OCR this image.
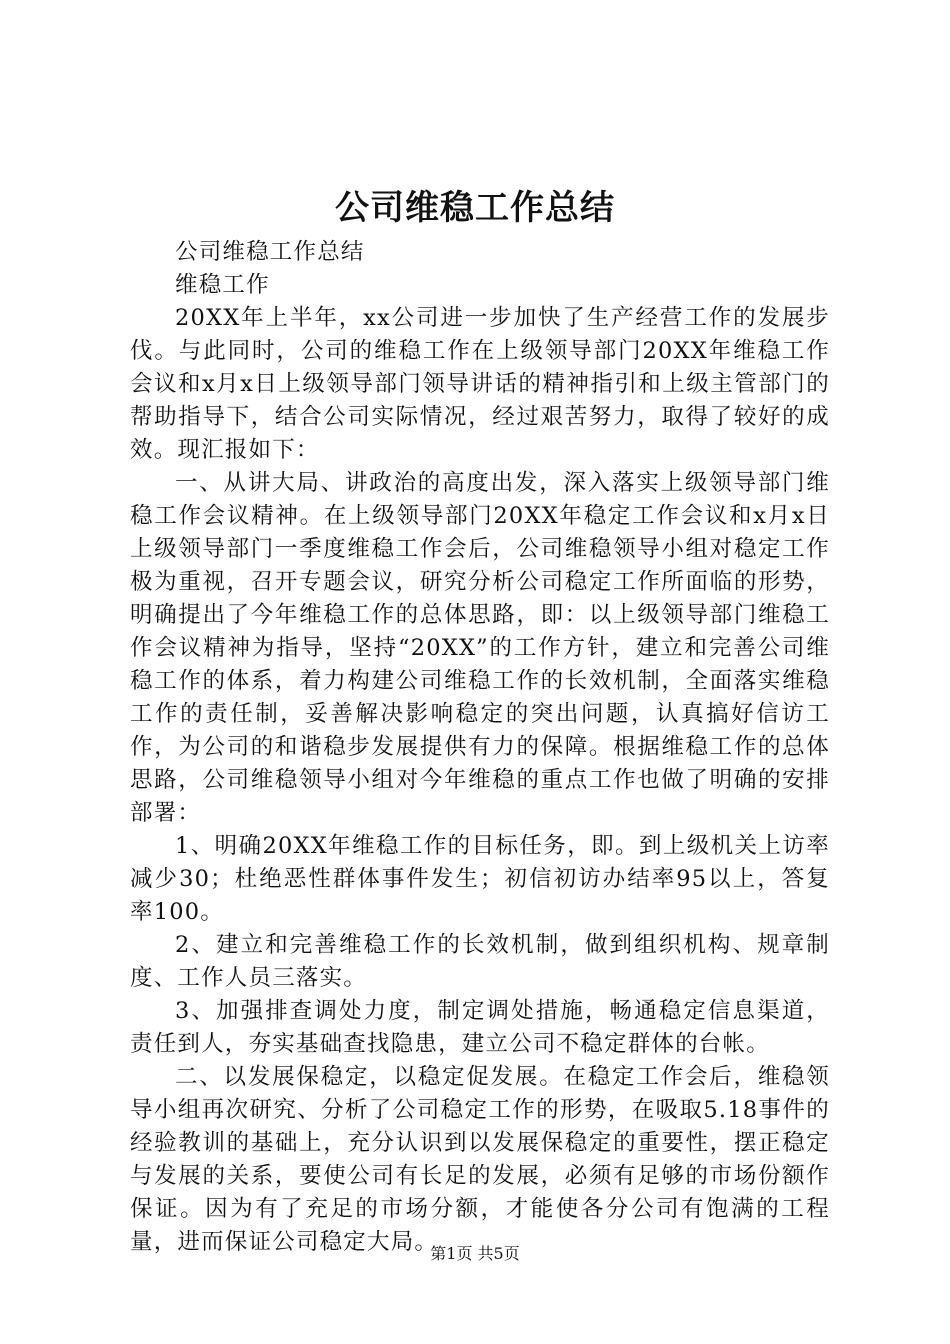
公司维稳工作总结

公司维稳工作总结

维稳工作

20XX年上半年，xx公司进一步加快了生产经营工作的发展步伐。与此同时，公司的维稳工作在上级领导部门20XX年维稳工作会议和x月x日上级领导部门领导讲话的精神指引和上级主管部门的帮助指导下，结合公司实际情况，经过艰苦努力，取得了较好的成效。现汇报如下：

一、从讲大局、讲政治的高度出发，深入落实上级领导部门维稳工作会议精神。在上级领导部门20XX年稳定工作会议和x月x日上级领导部门一季度维稳工作会后，公司维稳领导小组对稳定工作极为重视，召开专题会议，研究分析公司稳定工作所面临的形势，明确提出了今年维稳工作的总体思路，即：以上级领导部门维稳工作会议精神为指导，坚持“20XX”的工作方针，建立和完善公司维稳工作的体系，着力构建公司维稳工作的长效机制，全面落实维稳工作的责任制，妥善解决影响稳定的突出问题，认真搞好信访工作，为公司的和谐稳步发展提供有力的保障。根据维稳工作的总体思路，公司维稳领导小组对今年维稳的重点工作也做了明确的安排部署：

1、明确20XX年维稳工作的目标任务，即。到上级机关上访率减少30；杜绝恶性群体事件发生；初信初访办结率95以上，答复率100。

2、建立和完善维稳工作的长效机制，做到组织机构、规章制度、工作人员三落实。

3、加强排查调处力度，制定调处措施，畅通稳定信息渠道，责任到人，夯实基础查找隐患，建立公司不稳定群体的台帐。

二、以发展保稳定，以稳定促发展。在稳定工作会后，维稳领导小组再次研究、分析了公司稳定工作的形势，在吸取5.18事件的经验教训的基础上，充分认识到以发展保稳定的重要性，摆正稳定与发展的关系，要使公司有长足的发展，必须有足够的市场份额作保证。因为有了充足的市场分额，才能使各分公司有饱满的工程量，进而保证公司稳定大局。

第1页 共5页
